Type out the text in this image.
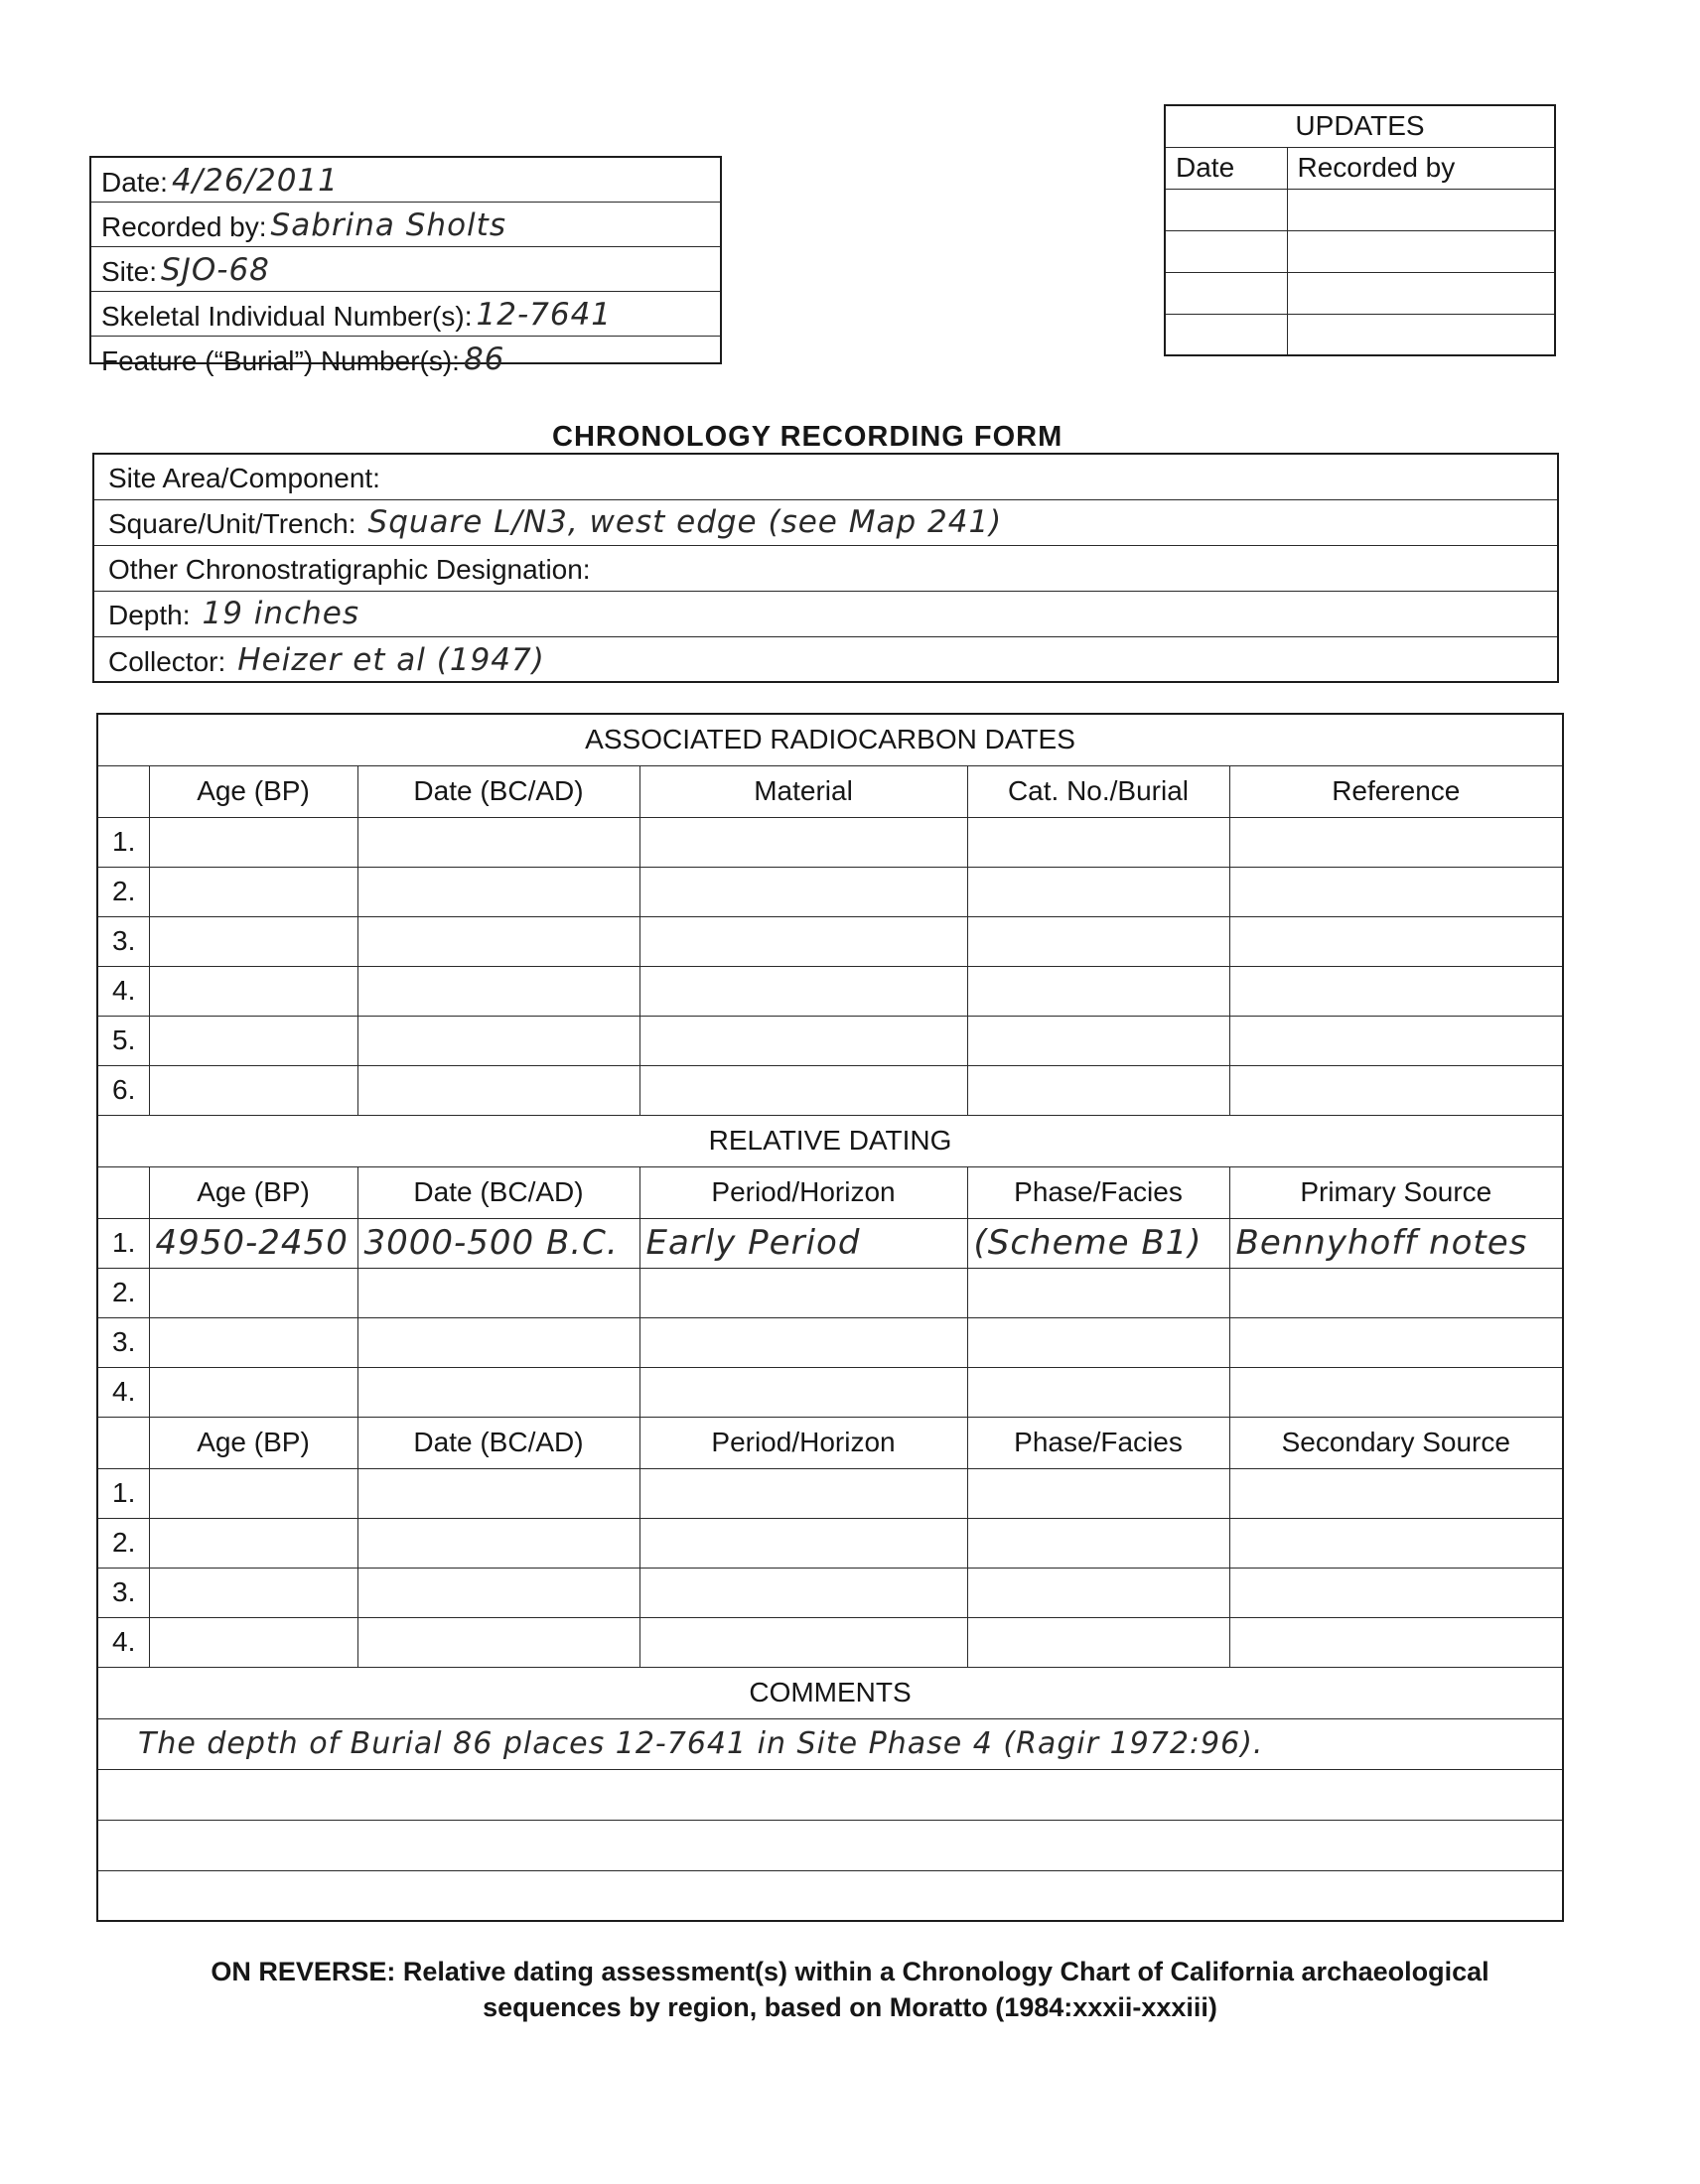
Date: 4/26/2011
Recorded by: Sabrina Sholts
Site: SJO-68
Skeletal Individual Number(s): 12-7641
Feature (“Burial”) Number(s): 86
UPDATES	
Date	Recorded by

CHRONOLOGY RECORDING FORM
Site Area/Component:
Square/Unit/Trench: Square L/N3, west edge (see Map 241)
Other Chronostratigraphic Designation:
Depth: 19 inches
Collector: Heizer et al (1947)
ASSOCIATED RADIOCARBON DATES					
	Age (BP)	Date (BC/AD)	Material	Cat. No./Burial	Reference
1.					
2.					
3.					
4.					
5.					
6.					
RELATIVE DATING					
	Age (BP)	Date (BC/AD)	Period/Horizon	Phase/Facies	Primary Source
1.	4950-2450	3000-500 B.C.	Early Period	(Scheme B1)	Bennyhoff notes
2.					
3.					
4.					
	Age (BP)	Date (BC/AD)	Period/Horizon	Phase/Facies	Secondary Source
1.					
2.					
3.					
4.					
COMMENTS					
The depth of Burial 86 places 12-7641 in Site Phase 4 (Ragir 1972:96).					

ON REVERSE: Relative dating assessment(s) within a Chronology Chart of California archaeological
sequences by region, based on Moratto (1984:xxxii-xxxiii)
